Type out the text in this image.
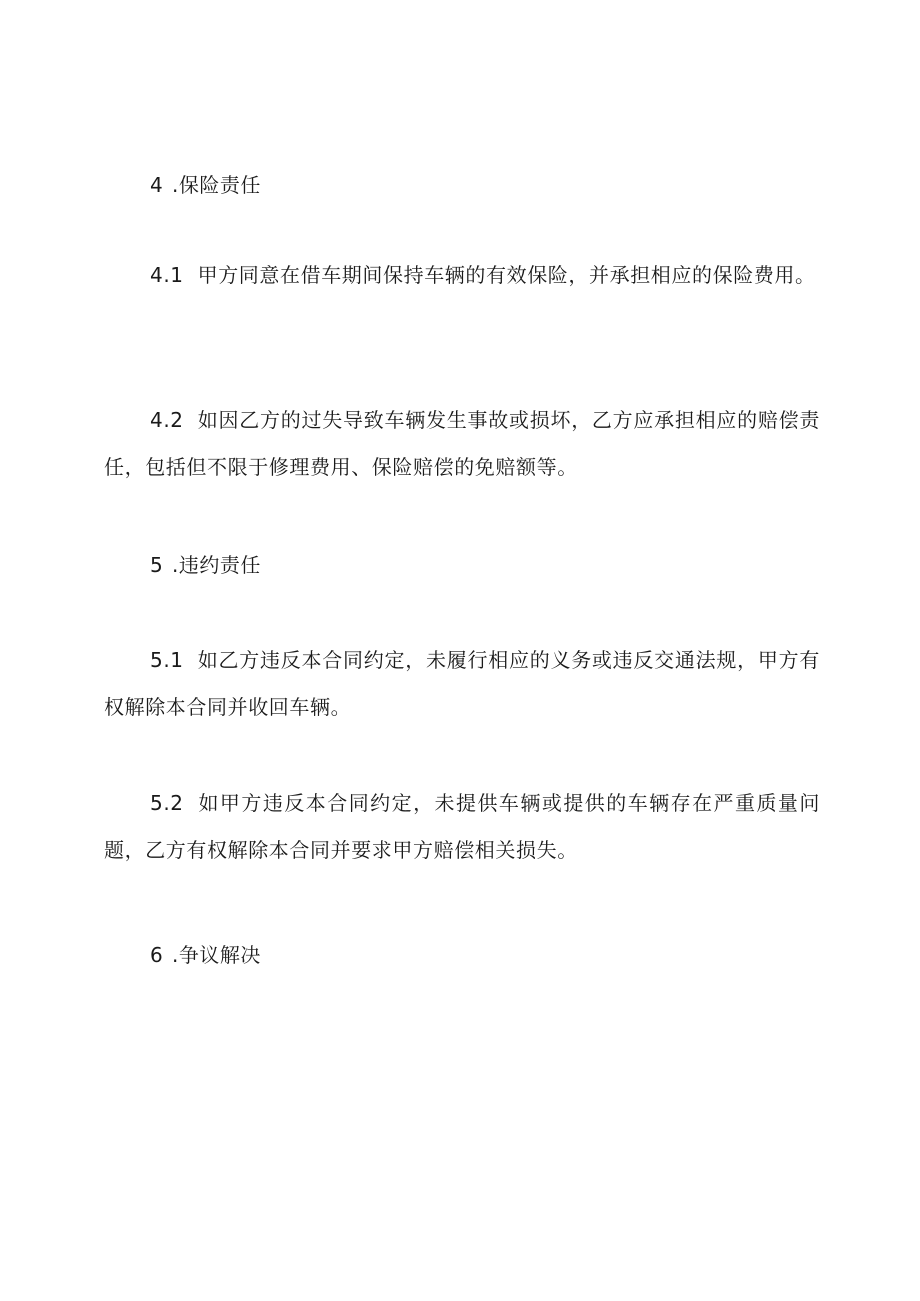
4 .保险责任

4.1 甲方同意在借车期间保持车辆的有效保险，并承担相应的保险费用。

4.2 如因乙方的过失导致车辆发生事故或损坏，乙方应承担相应的赔偿责任，包括但不限于修理费用、保险赔偿的免赔额等。

5 .违约责任

5.1 如乙方违反本合同约定，未履行相应的义务或违反交通法规，甲方有权解除本合同并收回车辆。

5.2 如甲方违反本合同约定，未提供车辆或提供的车辆存在严重质量问题，乙方有权解除本合同并要求甲方赔偿相关损失。

6 .争议解决
